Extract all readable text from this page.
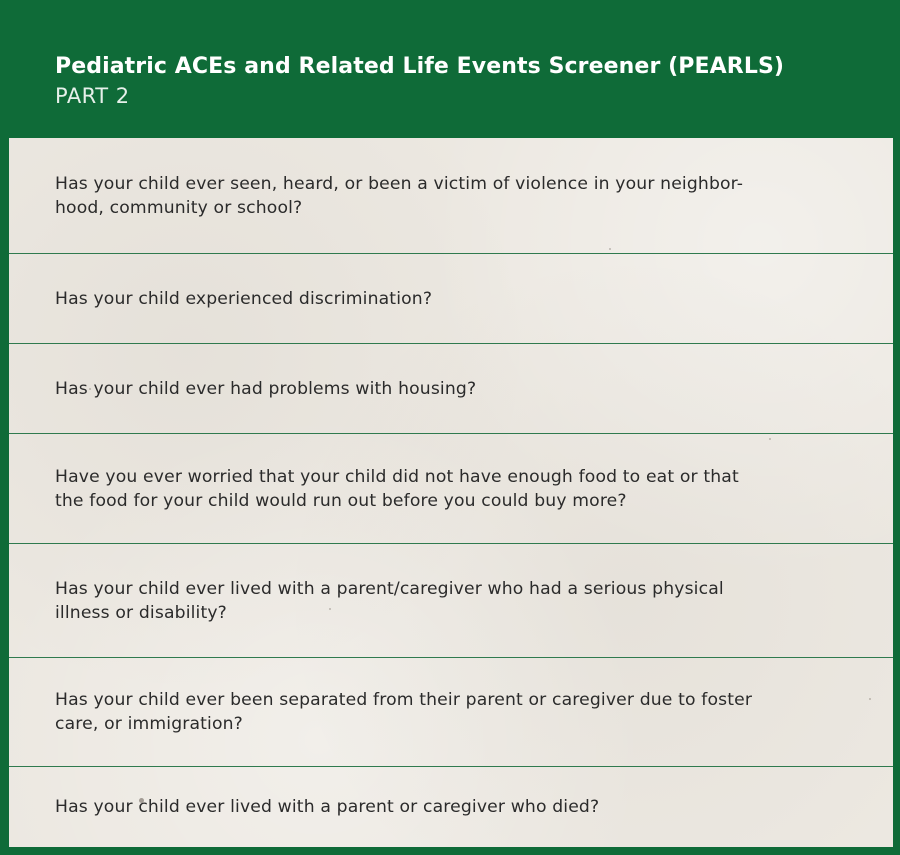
Pediatric ACEs and Related Life Events Screener (PEARLS)

PART 2

Has your child ever seen, heard, or been a victim of violence in your neighbor-
hood, community or school?

Has your child experienced discrimination?

Has your child ever had problems with housing?

Have you ever worried that your child did not have enough food to eat or that
the food for your child would run out before you could buy more?

Has your child ever lived with a parent/caregiver who had a serious physical
illness or disability?

Has your child ever been separated from their parent or caregiver due to foster
care, or immigration?

Has your child ever lived with a parent or caregiver who died?
